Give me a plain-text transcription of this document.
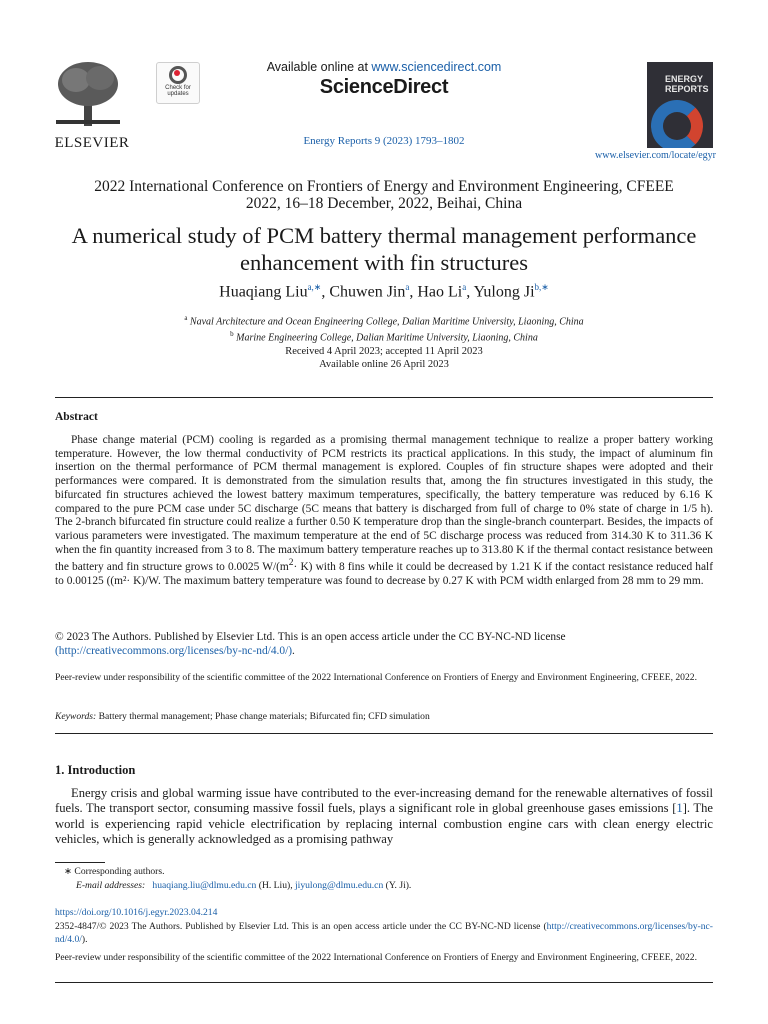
ELSEVIER
Check for updates
Available online at www.sciencedirect.com
ScienceDirect
Energy Reports 9 (2023) 1793–1802
ENERGY
REPORTS
www.elsevier.com/locate/egyr
2022 International Conference on Frontiers of Energy and Environment Engineering, CFEEE
2022, 16–18 December, 2022, Beihai, China
A numerical study of PCM battery thermal management performance
enhancement with fin structures
Huaqiang Liu$^{a,∗}$, Chuwen Jin$^a$, Hao Li$^a$, Yulong $Ji^{b,∗}$
$^a$ Naval Architecture and Ocean Engineering College, Dalian Maritime University, Liaoning, China
$^b$ Marine Engineering College, Dalian Maritime University, Liaoning, China
Received 4 April 2023; accepted 11 April 2023
Available online 26 April 2023
Abstract
Phase change material (PCM) cooling is regarded as a promising thermal management technique to realize a proper battery working temperature. However, the low thermal conductivity of PCM restricts its practical applications. In this study, the impact of aluminum fin insertion on the thermal performance of PCM thermal management is explored. Couples of fin structure shapes were adopted and their performances were compared. It is demonstrated from the simulation results that, among the fin structures investigated in this study, the bifurcated fin structures achieved the lowest battery maximum temperatures, specifically, the battery temperature was reduced by 6.16 K compared to the pure PCM case under 5C discharge (5C means that battery is discharged from full of charge to 0% state of charge in 1/5 h). The 2-branch bifurcated fin structure could realize a further 0.50 K temperature drop than the single-branch counterpart. Besides, the impacts of various parameters were investigated. The maximum temperature at the end of 5C discharge process was reduced from 314.30 K to 311.36 K when the fin quantity increased from 3 to 8. The maximum battery temperature reaches up to 313.80 K if the thermal contact resistance between the battery and fin structure grows to 0.0025 $W/(m^2\cdot K)$ with 8 fins while it could be decreased by 1.21 K if the contact resistance reduced half to 0.00125 ((m²· K)/W. The maximum battery temperature was found to decrease by 0.27 K with PCM width enlarged from 28 mm to 29 mm.
© 2023 The Authors. Published by Elsevier Ltd. This is an open access article under the CC BY-NC-ND license
(http://creativecommons.org/licenses/by-nc-nd/4.0/).
Peer-review under responsibility of the scientific committee of the 2022 International Conference on Frontiers of Energy and Environment Engineering, CFEEE, 2022.
Keywords: Battery thermal management; Phase change materials; Bifurcated fin; CFD simulation
1. Introduction
Energy crisis and global warming issue have contributed to the ever-increasing demand for the renewable alternatives of fossil fuels. The transport sector, consuming massive fossil fuels, plays a significant role in global greenhouse gases emissions [1]. The world is experiencing rapid vehicle electrification by replacing internal combustion engine cars with clean energy electric vehicles, which is generally acknowledged as a promising pathway
∗ Corresponding authors.
E-mail addresses: huaqiang.liu@dlmu.edu.cn (H. Liu), jiyulong@dlmu.edu.cn (Y. Ji).
https://doi.org/10.1016/j.egyr.2023.04.214
2352-4847/© 2023 The Authors. Published by Elsevier Ltd. This is an open access article under the CC BY-NC-ND license (http://creativecommons.org/licenses/by-nc-nd/4.0/).
Peer-review under responsibility of the scientific committee of the 2022 International Conference on Frontiers of Energy and Environment Engineering, CFEEE, 2022.
